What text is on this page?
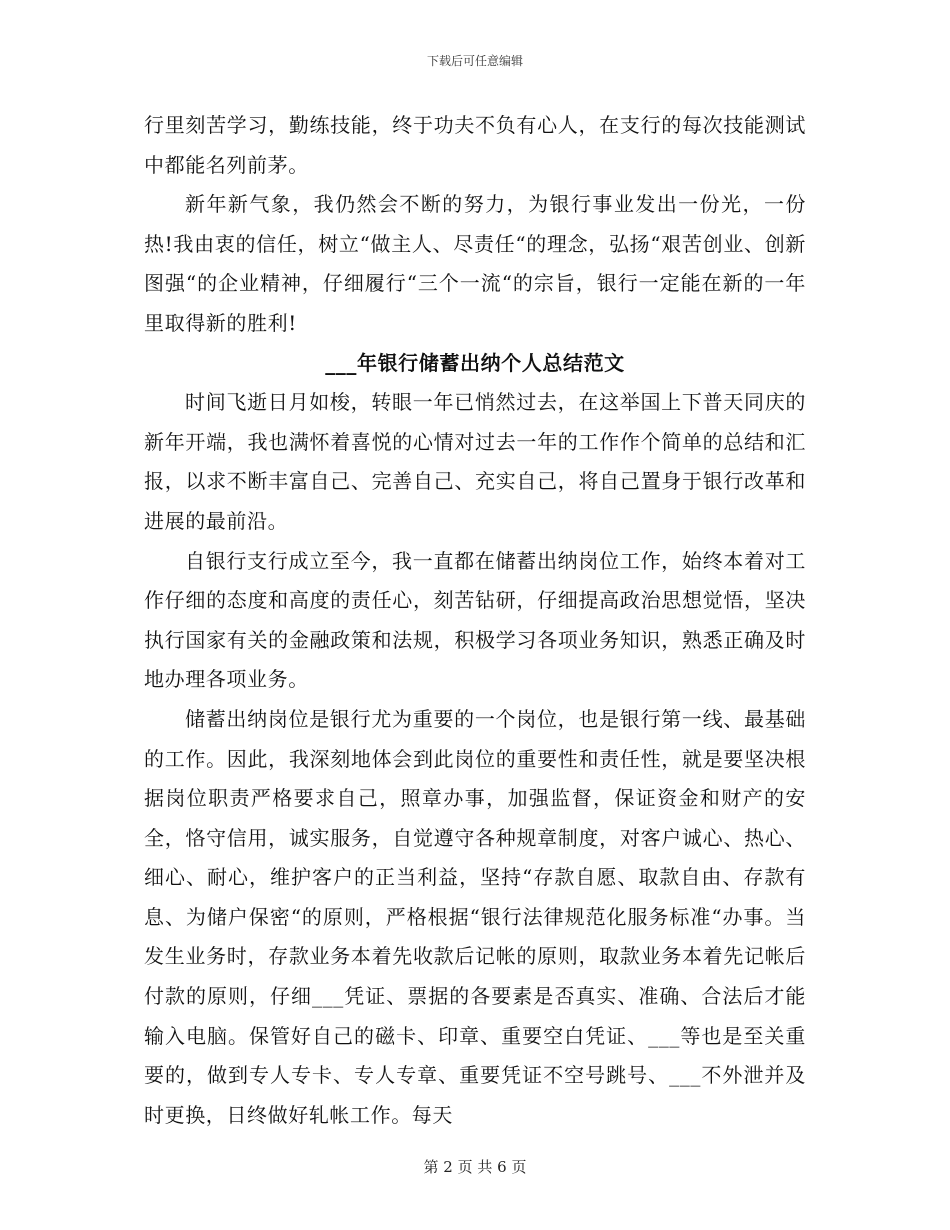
下载后可任意编辑

行里刻苦学习，勤练技能，终于功夫不负有心人，在支行的每次技能测试中都能名列前茅。

新年新气象，我仍然会不断的努力，为银行事业发出一份光，一份热!我由衷的信任，树立“做主人、尽责任“的理念，弘扬“艰苦创业、创新图强“的企业精神，仔细履行“三个一流“的宗旨，银行一定能在新的一年里取得新的胜利!

___年银行储蓄出纳个人总结范文

时间飞逝日月如梭，转眼一年已悄然过去，在这举国上下普天同庆的新年开端，我也满怀着喜悦的心情对过去一年的工作作个简单的总结和汇报，以求不断丰富自己、完善自己、充实自己，将自己置身于银行改革和进展的最前沿。

自银行支行成立至今，我一直都在储蓄出纳岗位工作，始终本着对工作仔细的态度和高度的责任心，刻苦钻研，仔细提高政治思想觉悟，坚决执行国家有关的金融政策和法规，积极学习各项业务知识，熟悉正确及时地办理各项业务。

储蓄出纳岗位是银行尤为重要的一个岗位，也是银行第一线、最基础的工作。因此，我深刻地体会到此岗位的重要性和责任性，就是要坚决根据岗位职责严格要求自己，照章办事，加强监督，保证资金和财产的安全，恪守信用，诚实服务，自觉遵守各种规章制度，对客户诚心、热心、细心、耐心，维护客户的正当利益，坚持“存款自愿、取款自由、存款有息、为储户保密“的原则，严格根据“银行法律规范化服务标准“办事。当发生业务时，存款业务本着先收款后记帐的原则，取款业务本着先记帐后付款的原则，仔细___凭证、票据的各要素是否真实、准确、合法后才能输入电脑。保管好自己的磁卡、印章、重要空白凭证、___等也是至关重要的，做到专人专卡、专人专章、重要凭证不空号跳号、___不外泄并及时更换，日终做好轧帐工作。每天

第 2 页 共 6 页
